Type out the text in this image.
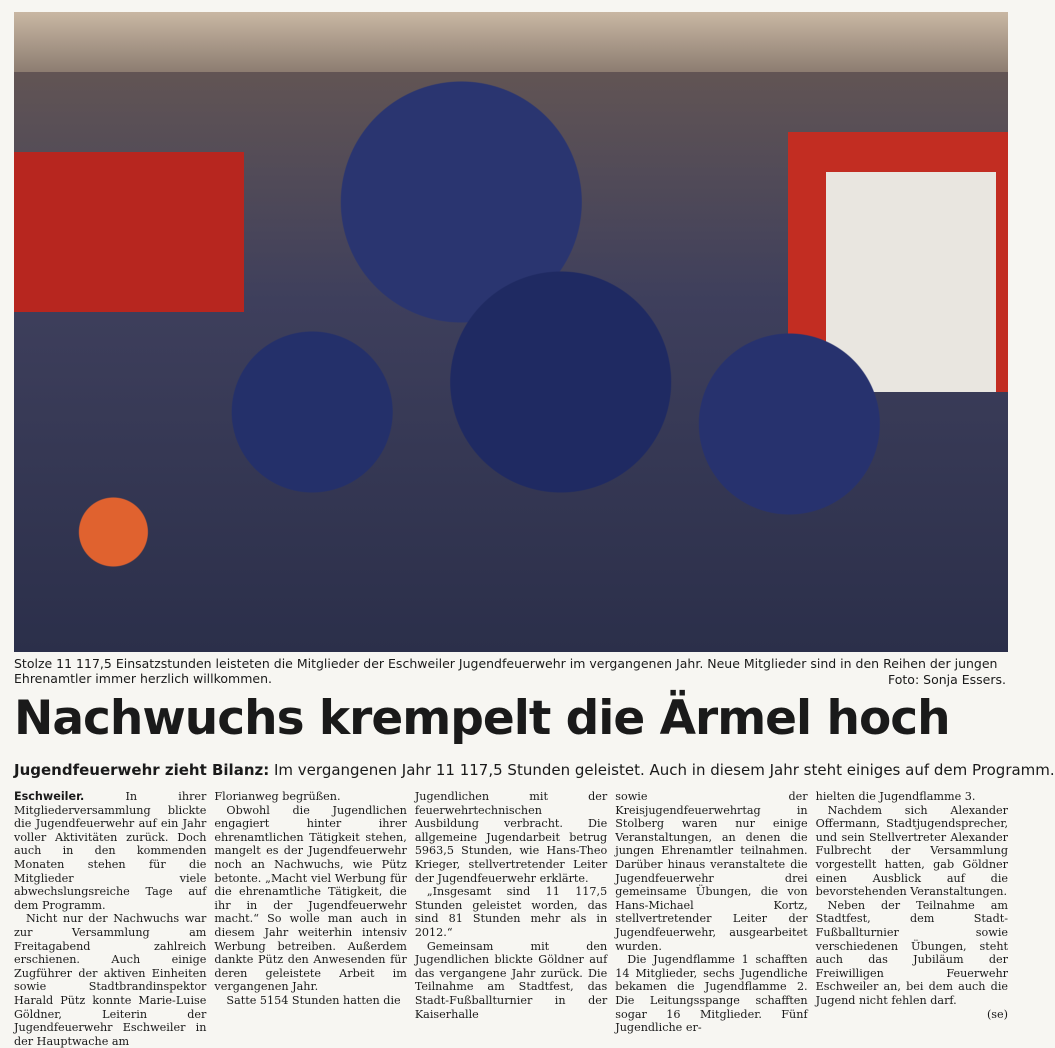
Stolze 11 117,5 Einsatzstunden leisteten die Mitglieder der Eschweiler Jugendfeuerwehr im vergangenen Jahr. Neue Mitglieder sind in den Reihen der jungen Ehrenamtler immer herzlich willkommen.	Foto: Sonja Essers.
Nachwuchs krempelt die Ärmel hoch
Jugendfeuerwehr zieht Bilanz: Im vergangenen Jahr 11 117,5 Stunden geleistet. Auch in diesem Jahr steht einiges auf dem Programm.

Eschweiler. In ihrer Mitgliederversammlung blickte die Jugendfeuerwehr auf ein Jahr voller Aktivitäten zurück. Doch auch in den kommenden Monaten stehen für die Mitglieder viele abwechslungsreiche Tage auf dem Programm.

Nicht nur der Nachwuchs war zur Versammlung am Freitagabend zahlreich erschienen. Auch einige Zugführer der aktiven Einheiten sowie Stadtbrandinspektor Harald Pütz konnte Marie-Luise Göldner, Leiterin der Jugendfeuerwehr Eschweiler in der Hauptwache am

Florianweg begrüßen.

Obwohl die Jugendlichen engagiert hinter ihrer ehrenamtlichen Tätigkeit stehen, mangelt es der Jugendfeuerwehr noch an Nachwuchs, wie Pütz betonte. „Macht viel Werbung für die ehrenamtliche Tätigkeit, die ihr in der Jugendfeuerwehr macht.“ So wolle man auch in diesem Jahr weiterhin intensiv Werbung betreiben. Außerdem dankte Pütz den Anwesenden für deren geleistete Arbeit im vergangenen Jahr.

Satte 5154 Stunden hatten die

Jugendlichen mit der feuerwehrtechnischen Ausbildung verbracht. Die allgemeine Jugendarbeit betrug 5963,5 Stunden, wie Hans-Theo Krieger, stellvertretender Leiter der Jugendfeuerwehr erklärte.

„Insgesamt sind 11 117,5 Stunden geleistet worden, das sind 81 Stunden mehr als in 2012.“

Gemeinsam mit den Jugendlichen blickte Göldner auf das vergangene Jahr zurück. Die Teilnahme am Stadtfest, das Stadt-Fußballturnier in der Kaiserhalle

sowie der Kreisjugendfeuerwehrtag in Stolberg waren nur einige Veranstaltungen, an denen die jungen Ehrenamtler teilnahmen. Darüber hinaus veranstaltete die Jugendfeuerwehr drei gemeinsame Übungen, die von Hans-Michael Kortz, stellvertretender Leiter der Jugendfeuerwehr, ausgearbeitet wurden.

Die Jugendflamme 1 schafften 14 Mitglieder, sechs Jugendliche bekamen die Jugendflamme 2. Die Leitungsspange schafften sogar 16 Mitglieder. Fünf Jugendliche er-

hielten die Jugendflamme 3.

Nachdem sich Alexander Offermann, Stadtjugendsprecher, und sein Stellvertreter Alexander Fulbrecht der Versammlung vorgestellt hatten, gab Göldner einen Ausblick auf die bevorstehenden Veranstaltungen.

Neben der Teilnahme am Stadtfest, dem Stadt-Fußballturnier sowie verschiedenen Übungen, steht auch das Jubiläum der Freiwilligen Feuerwehr Eschweiler an, bei dem auch die Jugend nicht fehlen darf.

(se)
